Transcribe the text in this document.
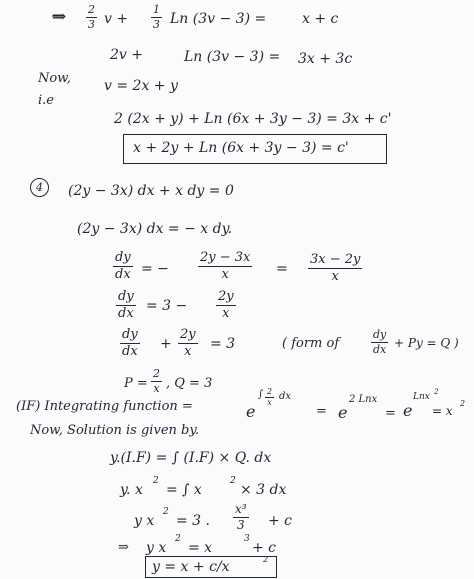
⇒ 2
3 v +
1
3 Ln (3v − 3) =	x + c
2v +	Ln (3v − 3) = 3x + 3c
Now, v = 2x + y
i.e
2 (2x + y) + Ln (6x + 3y − 3) = 3x + c'
x + 2y + Ln (6x + 3y − 3) = c'
4 (2y − 3x) dx + x dy = 0
(2y − 3x) dx = − x dy.
dy
dx = −
2y − 3x
x	=
3x − 2y
x
dy
dx = 3 −
2y
x
dy
dx +
2y
x = 3	( form of
dy
dx + Py = Q )
P =
2
x , Q = 3
(IF) Integrating function =	e
∫ 2
x
dx
= e
2 Lnx
= e
Lnx 2
= x
2
Now, Solution is given by.
y.(I.F) = ∫ (I.F) × Q. dx
y. x
2
= ∫ x
2
× 3 dx
y x
2
= 3 .
x³
3 + c
⇒ y x
2
= x
3
+ c
y = x + c/x	2
